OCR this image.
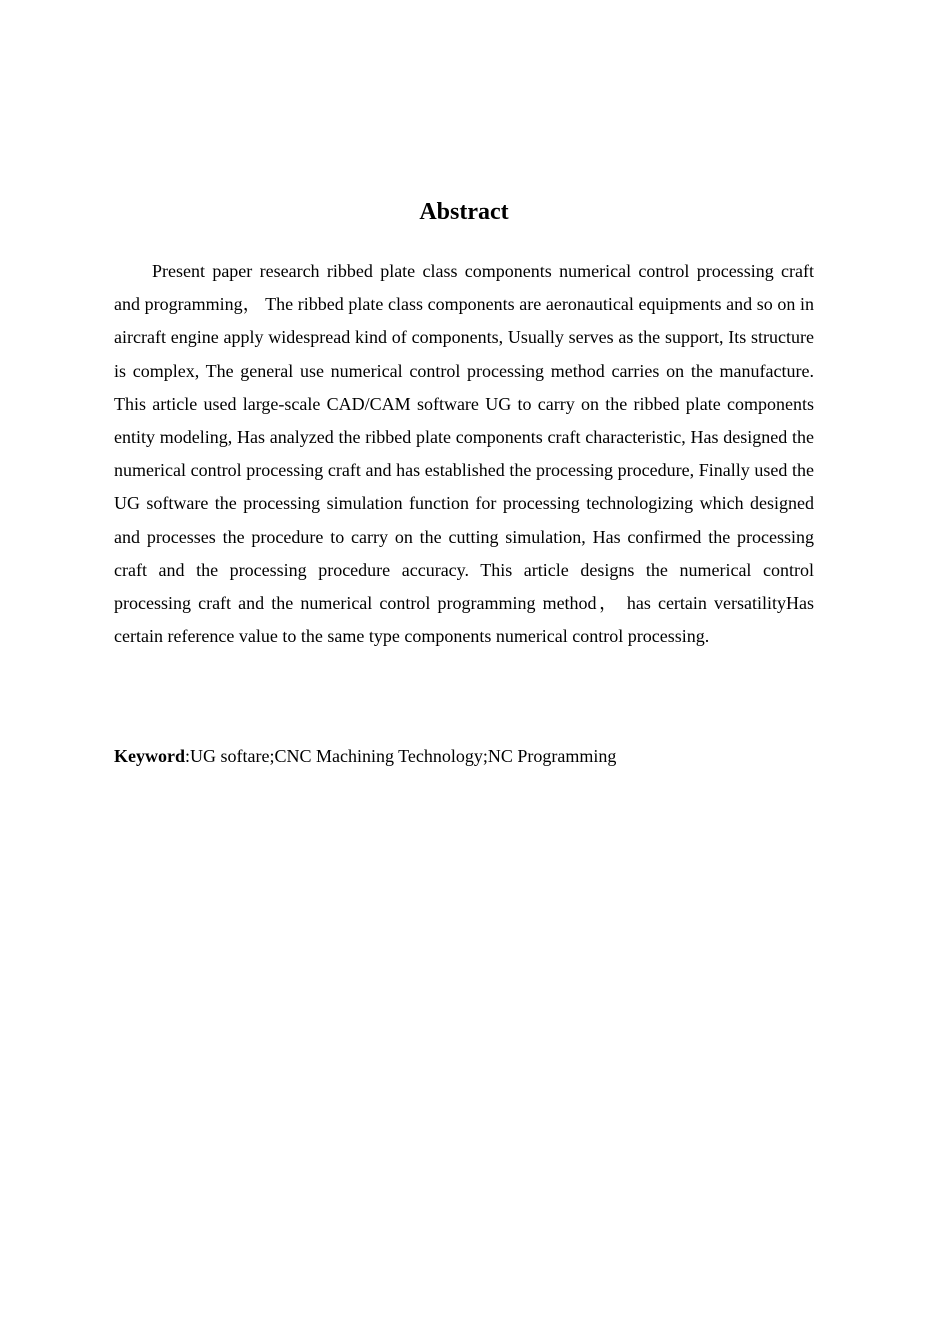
Abstract

Present paper research ribbed plate class components numerical control processing craft and programming， The ribbed plate class components are aeronautical equipments and so on in aircraft engine apply widespread kind of components, Usually serves as the support, Its structure is complex, The general use numerical control processing method carries on the manufacture. This article used large-scale CAD/CAM software UG to carry on the ribbed plate components entity modeling, Has analyzed the ribbed plate components craft characteristic, Has designed the numerical control processing craft and has established the processing procedure, Finally used the UG software the processing simulation function for processing technologizing which designed and processes the procedure to carry on the cutting simulation, Has confirmed the processing craft and the processing procedure accuracy. This article designs the numerical control processing craft and the numerical control programming method， has certain versatilityHas certain reference value to the same type components numerical control processing.

Keyword:UG softare;CNC Machining Technology;NC Programming
